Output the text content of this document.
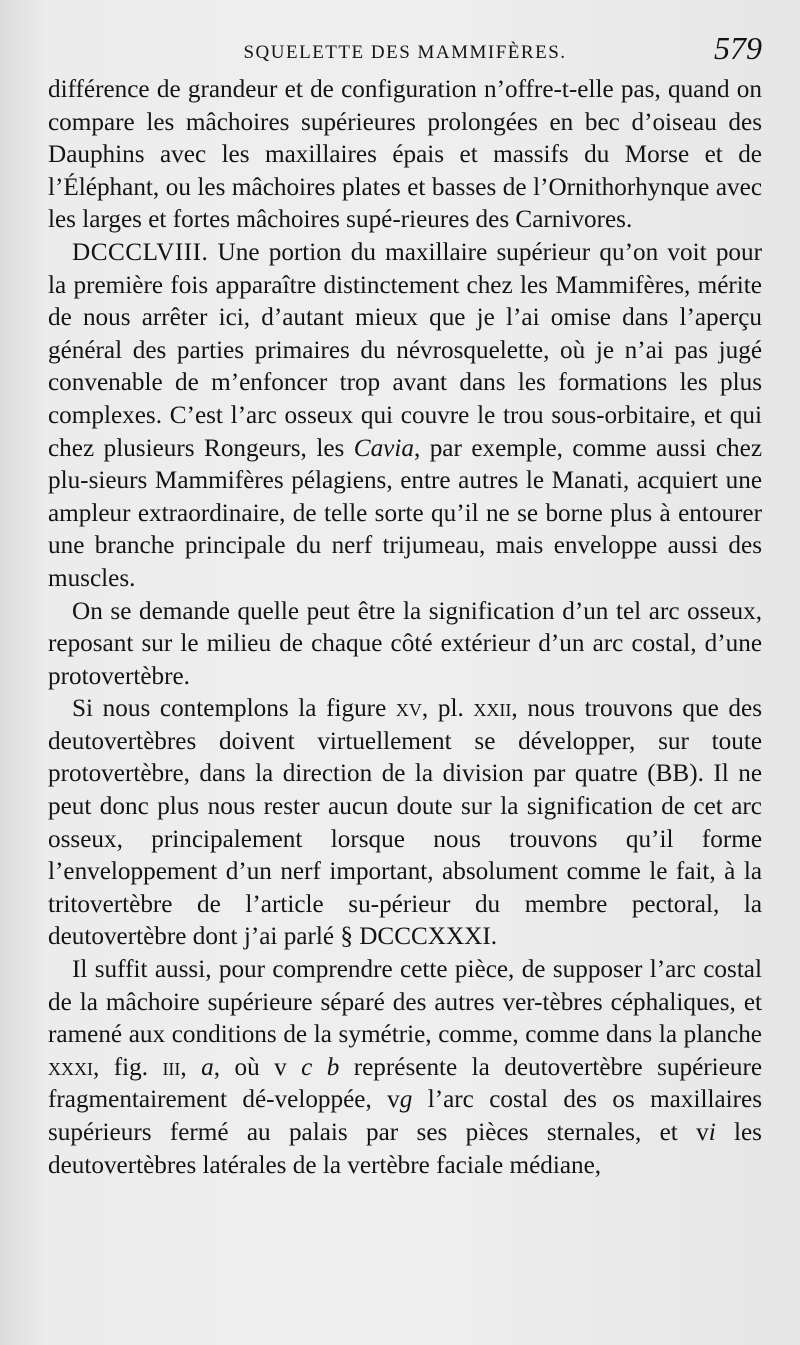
SQUELETTE DES MAMMIFÈRES.	579

différence de grandeur et de configuration n’offre-t-elle pas, quand on compare les mâchoires supérieures prolongées en bec d’oiseau des Dauphins avec les maxillaires épais et massifs du Morse et de l’Éléphant, ou les mâchoires plates et basses de l’Ornithorhynque avec les larges et fortes mâchoires supé-rieures des Carnivores.

DCCCLVIII. Une portion du maxillaire supérieur qu’on voit pour la première fois apparaître distinctement chez les Mammifères, mérite de nous arrêter ici, d’autant mieux que je l’ai omise dans l’aperçu général des parties primaires du névrosquelette, où je n’ai pas jugé convenable de m’enfoncer trop avant dans les formations les plus complexes. C’est l’arc osseux qui couvre le trou sous-orbitaire, et qui chez plusieurs Rongeurs, les Cavia, par exemple, comme aussi chez plu-sieurs Mammifères pélagiens, entre autres le Manati, acquiert une ampleur extraordinaire, de telle sorte qu’il ne se borne plus à entourer une branche principale du nerf trijumeau, mais enveloppe aussi des muscles.

On se demande quelle peut être la signification d’un tel arc osseux, reposant sur le milieu de chaque côté extérieur d’un arc costal, d’une protovertèbre.

Si nous contemplons la figure xv, pl. xxii, nous trouvons que des deutovertèbres doivent virtuellement se développer, sur toute protovertèbre, dans la direction de la division par quatre (BB). Il ne peut donc plus nous rester aucun doute sur la signification de cet arc osseux, principalement lorsque nous trouvons qu’il forme l’enveloppement d’un nerf important, absolument comme le fait, à la tritovertèbre de l’article su-périeur du membre pectoral, la deutovertèbre dont j’ai parlé § DCCCXXXI.

Il suffit aussi, pour comprendre cette pièce, de supposer l’arc costal de la mâchoire supérieure séparé des autres ver-tèbres céphaliques, et ramené aux conditions de la symétrie, comme, comme dans la planche xxxi, fig. iii, a, où v c b représente la deutovertèbre supérieure fragmentairement dé-veloppée, vg l’arc costal des os maxillaires supérieurs fermé au palais par ses pièces sternales, et vi les deutovertèbres latérales de la vertèbre faciale médiane,
